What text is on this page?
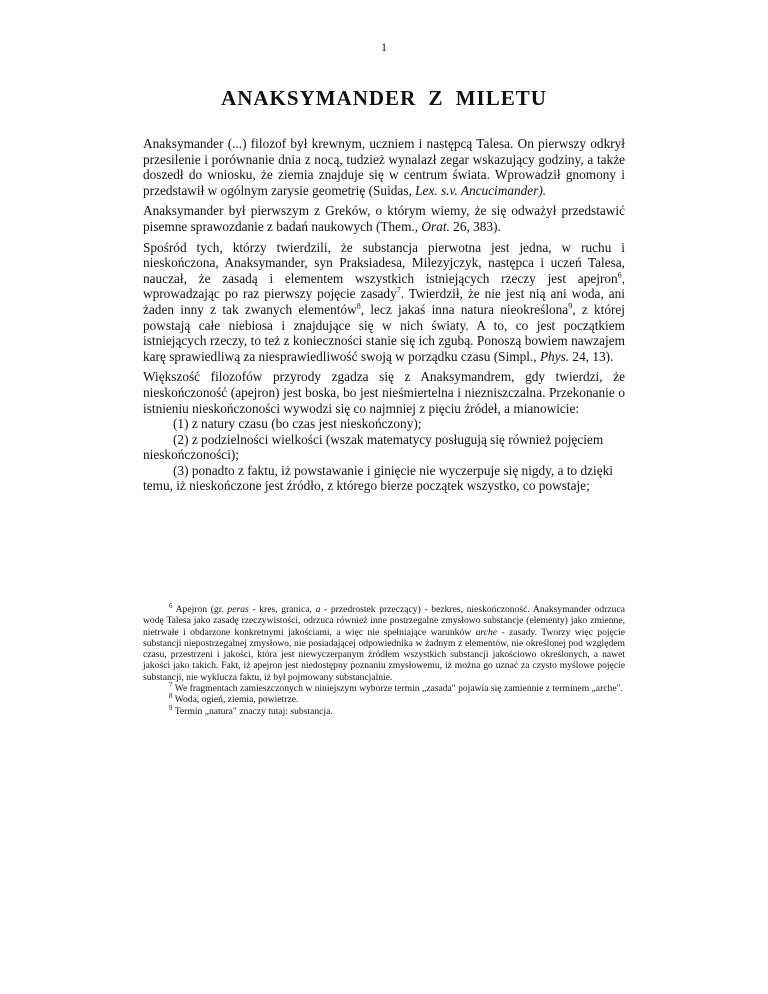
1
ANAKSYMANDER Z MILETU

Anaksymander (...) filozof był krewnym, uczniem i następcą Talesa. On pierwszy odkrył przesilenie i porównanie dnia z nocą, tudzież wynalazł zegar wskazujący godziny, a także doszedł do wniosku, że ziemia znajduje się w centrum świata. Wprowadził gnomony i przedstawił w ogólnym zarysie geometrię (Suidas, Lex. s.v. Ancucimander).

Anaksymander był pierwszym z Greków, o którym wiemy, że się odważył przedstawić pisemne sprawozdanie z badań naukowych (Them., Orat. 26, 383).

Spośród tych, którzy twierdzili, że substancja pierwotna jest jedna, w ruchu i nieskończona, Anaksymander, syn Praksiadesa, Milezyjczyk, następca i uczeń Talesa, nauczał, że zasadą i elementem wszystkich istniejących rzeczy jest apejron$^6$, wprowadzając po raz pierwszy pojęcie zasady$^7$. Twierdził, że nie jest nią ani woda, ani żaden inny z tak zwanych elementów$^8$, lecz jakaś inna natura nieokreślona$^9$, z której powstają całe niebiosa i znajdujące się w nich światy. A to, co jest początkiem istniejących rzeczy, to też z konieczności stanie się ich zgubą. Ponoszą bowiem nawzajem karę sprawiedliwą za niesprawiedliwość swoją w porządku czasu (Simpl., Phys. 24, 13).

Większość filozofów przyrody zgadza się z Anaksymandrem, gdy twierdzi, że nieskończoność (apejron) jest boska, bo jest nieśmiertelna i niezniszczalna. Przekonanie o istnieniu nieskończoności wywodzi się co najmniej z pięciu źródeł, a mianowicie:

(1) z natury czasu (bo czas jest nieskończony);

(2) z podzielności wielkości (wszak matematycy posługują się również pojęciem nieskończoności);

(3) ponadto z faktu, iż powstawanie i ginięcie nie wyczerpuje się nigdy, a to dzięki temu, iż nieskończone jest źródło, z którego bierze początek wszystko, co powstaje;

$^6$ Apejron (gr. peras - kres, granica, a - przedrostek przeczący) - bezkres, nieskończoność. Anaksymander odrzuca wodę Talesa jako zasadę rzeczywistości, odrzuca również inne postrzegalne zmysłowo substancje (elementy) jako zmienne, nietrwałe i obdarzone konkretnymi jakościami, a więc nie spełniające warunków arche - zasady. Tworzy więc pojęcie substancji niepostrzegalnej zmysłowo, nie posiadającej odpowiednika w żadnym z elementów, nie określonej pod względem czasu, przestrzeni i jakości, która jest niewyczerpanym źródłem wszystkich substancji jakościowo określonych, a nawet jakości jako takich. Fakt, iż apejron jest niedostępny poznaniu zmysłowemu, iż można go uznać za czysto myślowe pojęcie substancji, nie wyklucza faktu, iż był pojmowany substancjalnie.

$^7$ We fragmentach zamieszczonych w niniejszym wyborze termin „zasada" pojawia się zamiennie z terminem „arche".

$^8$ Woda, ogień, ziemia, powietrze.

$^9$ Termin „natura" znaczy tutaj: substancja.
